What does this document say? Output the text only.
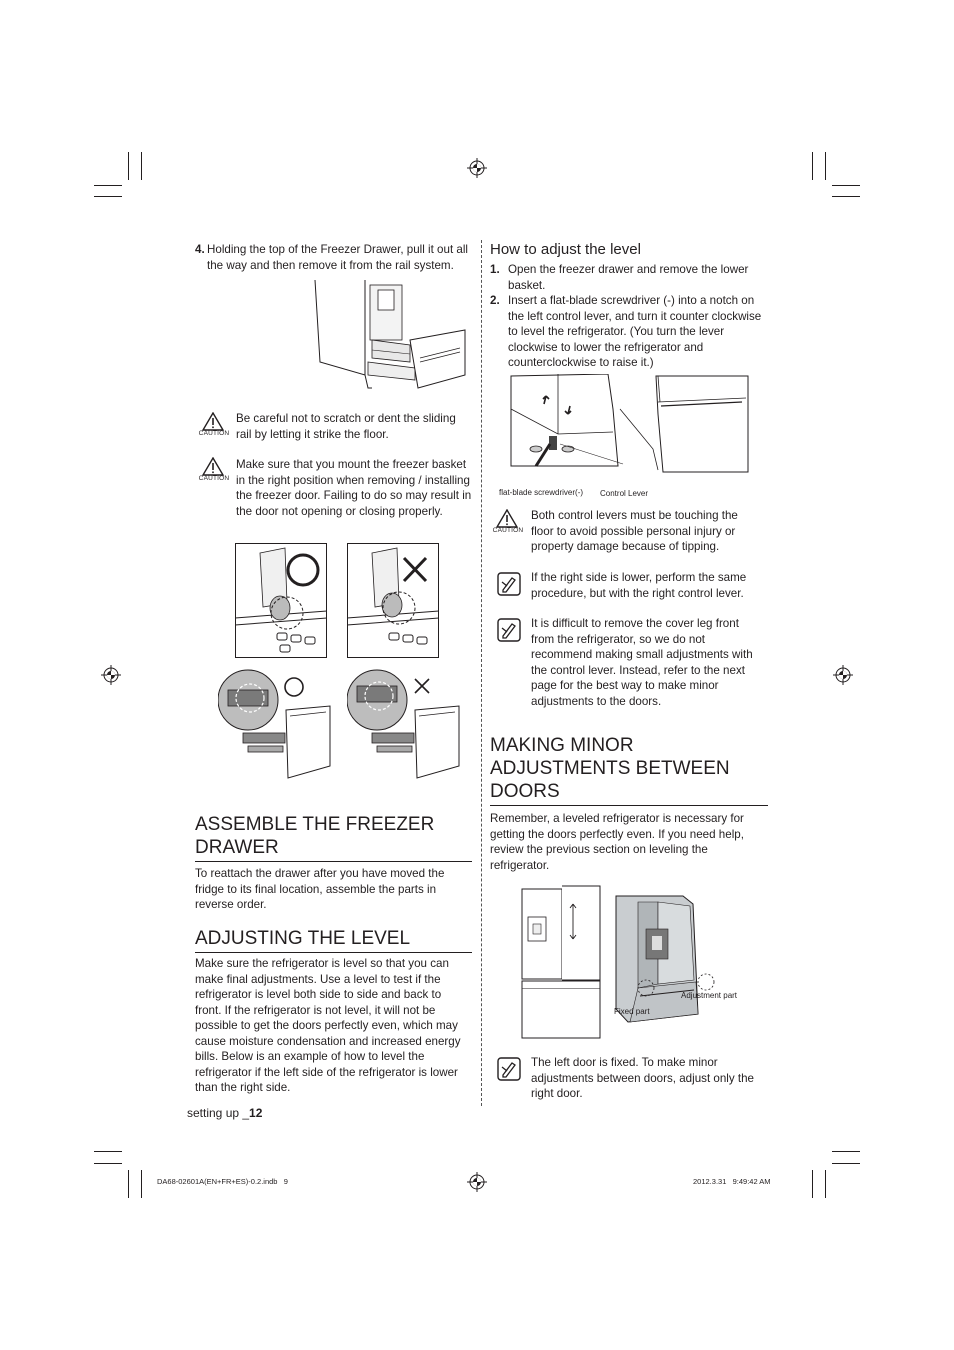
4. Holding the top of the Freezer Drawer, pull it out all the way and then remove it from the rail system.
CAUTION
Be careful not to scratch or dent the sliding rail by letting it strike the floor.
CAUTION
Make sure that you mount the freezer basket in the right position when removing / installing the freezer door. Failing to do so may result in the door not opening or closing properly.
ASSEMBLE THE FREEZER DRAWER
To reattach the drawer after you have moved the fridge to its final location, assemble the parts in reverse order.
ADJUSTING THE LEVEL
Make sure the refrigerator is level so that you can make final adjustments. Use a level to test if the refrigerator is level both side to side and back to front. If the refrigerator is not level, it will not be possible to get the doors perfectly even, which may cause moisture condensation and increased energy bills. Below is an example of how to level the refrigerator if the left side of the refrigerator is lower than the right side.
setting up _12
How to adjust the level
1. Open the freezer drawer and remove the lower basket.
2. Insert a flat-blade screwdriver (-) into a notch on the left control lever, and turn it counter clockwise to level the refrigerator. (You turn the lever clockwise to lower the refrigerator and counterclockwise to raise it.)
flat-blade screwdriver(-) Control Lever
CAUTION
Both control levers must be touching the floor to avoid possible personal injury or property damage because of tipping.
If the right side is lower, perform the same procedure, but with the right control lever.
It is difficult to remove the cover leg front from the refrigerator, so we do not recommend making small adjustments with the control lever. Instead, refer to the next page for the best way to make minor adjustments to the doors.
MAKING MINOR ADJUSTMENTS BETWEEN DOORS
Remember, a leveled refrigerator is necessary for getting the doors perfectly even. If you need help, review the previous section on leveling the refrigerator.
Fixed part
Adjustment part
The left door is fixed. To make minor adjustments between doors, adjust only the right door.
DA68-02601A(EN+FR+ES)-0.2.indb   9	2012.3.31   9:49:42 AM
